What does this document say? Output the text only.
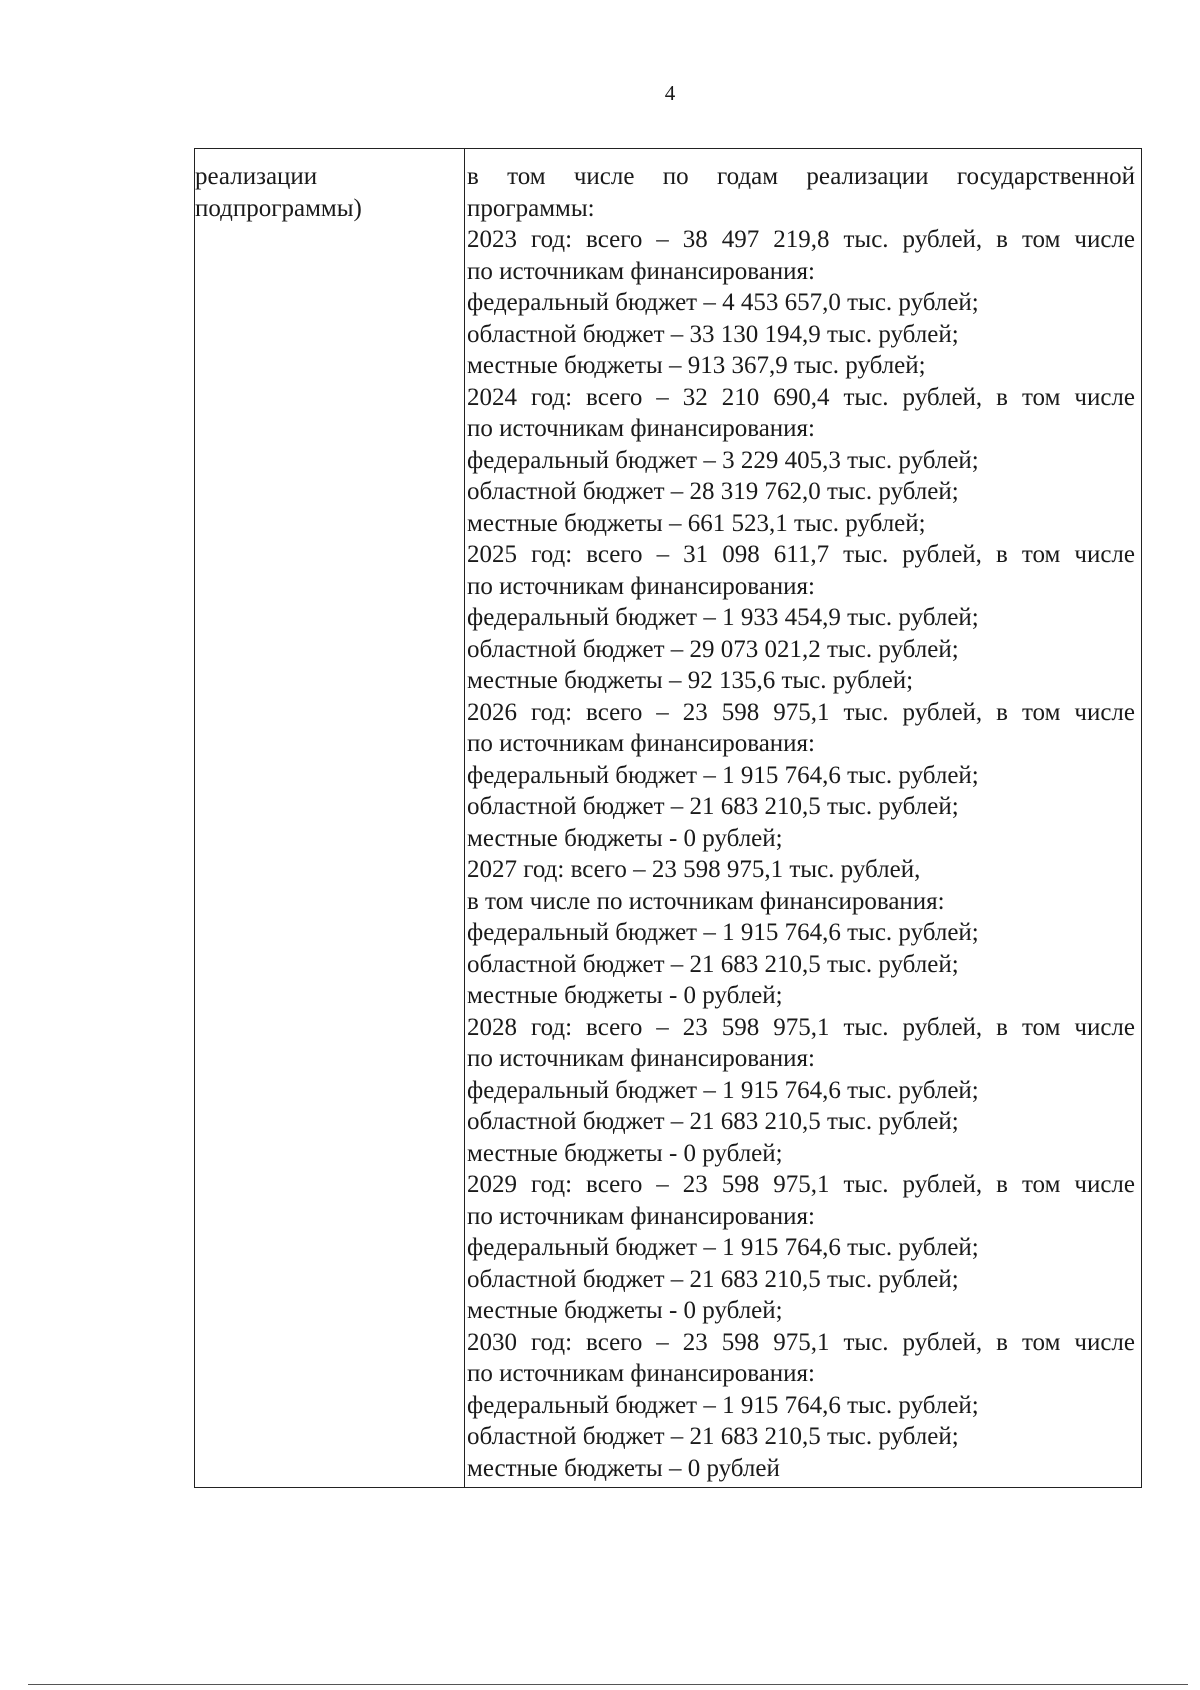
4
реализации
подпрограммы)
в том числе по годам реализации государственной
программы:
2023 год: всего – 38 497 219,8 тыс. рублей, в том числе
по источникам финансирования:
федеральный бюджет – 4 453 657,0 тыс. рублей;
областной бюджет – 33 130 194,9 тыс. рублей;
местные бюджеты – 913 367,9 тыс. рублей;
2024 год: всего – 32 210 690,4 тыс. рублей, в том числе
по источникам финансирования:
федеральный бюджет – 3 229 405,3 тыс. рублей;
областной бюджет – 28 319 762,0 тыс. рублей;
местные бюджеты – 661 523,1 тыс. рублей;
2025 год: всего – 31 098 611,7 тыс. рублей, в том числе
по источникам финансирования:
федеральный бюджет – 1 933 454,9 тыс. рублей;
областной бюджет – 29 073 021,2 тыс. рублей;
местные бюджеты – 92 135,6 тыс. рублей;
2026 год: всего – 23 598 975,1 тыс. рублей, в том числе
по источникам финансирования:
федеральный бюджет – 1 915 764,6 тыс. рублей;
областной бюджет – 21 683 210,5 тыс. рублей;
местные бюджеты - 0 рублей;
2027 год: всего – 23 598 975,1 тыс. рублей,
в том числе по источникам финансирования:
федеральный бюджет – 1 915 764,6 тыс. рублей;
областной бюджет – 21 683 210,5 тыс. рублей;
местные бюджеты - 0 рублей;
2028 год: всего – 23 598 975,1 тыс. рублей, в том числе
по источникам финансирования:
федеральный бюджет – 1 915 764,6 тыс. рублей;
областной бюджет – 21 683 210,5 тыс. рублей;
местные бюджеты - 0 рублей;
2029 год: всего – 23 598 975,1 тыс. рублей, в том числе
по источникам финансирования:
федеральный бюджет – 1 915 764,6 тыс. рублей;
областной бюджет – 21 683 210,5 тыс. рублей;
местные бюджеты - 0 рублей;
2030 год: всего – 23 598 975,1 тыс. рублей, в том числе
по источникам финансирования:
федеральный бюджет – 1 915 764,6 тыс. рублей;
областной бюджет – 21 683 210,5 тыс. рублей;
местные бюджеты – 0 рублей
